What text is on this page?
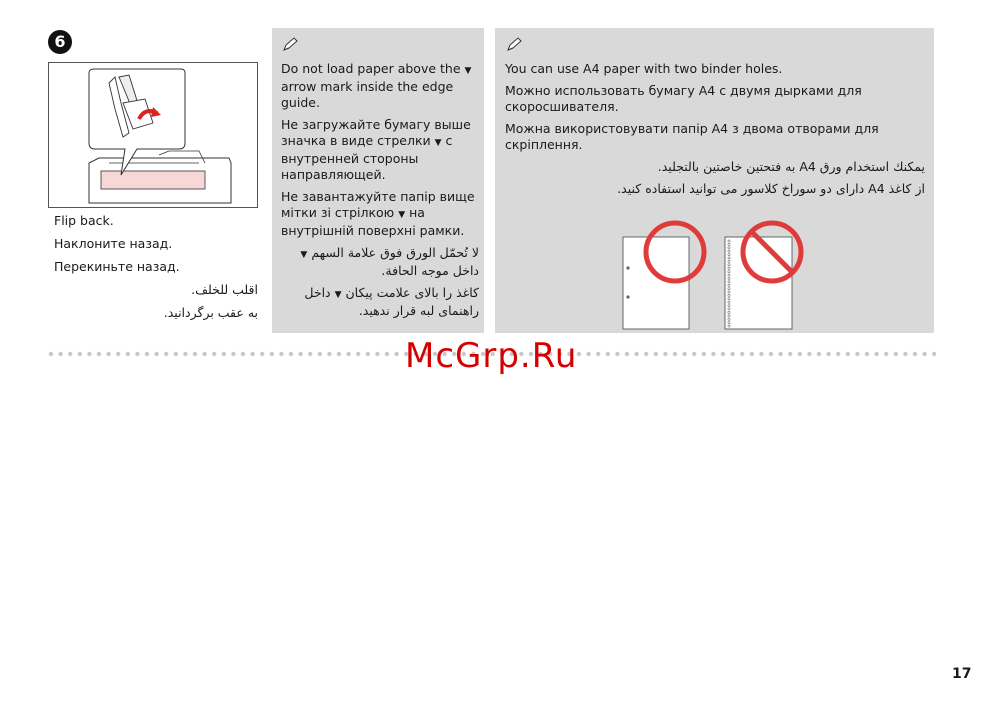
6

Flip back.

Наклоните назад.

Перекиньте назад.

اقلب للخلف.

به عقب برگردانید.

Do not load paper above the ▼ arrow mark inside the edge guide.

Не загружайте бумагу выше значка в виде стрелки ▼ с внутренней стороны направляющей.

Не завантажуйте папір вище мітки зі стрілкою ▼ на внутрішній поверхні рамки.

لا تُحمّل الورق فوق علامة السهم ▼ داخل موجه الحافة.

کاغذ را بالای علامت پیکان ▼ داخل راهنمای لبه قرار ندهید.

You can use A4 paper with two binder holes.

Можно использовать бумагу А4 с двумя дырками для скоросшивателя.

Можна використовувати папір А4 з двома отворами для скріплення.

يمكنك استخدام ورق A4 به فتحتين خاصتين بالتجليد.

از کاغذ A4 دارای دو سوراخ کلاسور می توانید استفاده کنید.

McGrp.Ru
17
